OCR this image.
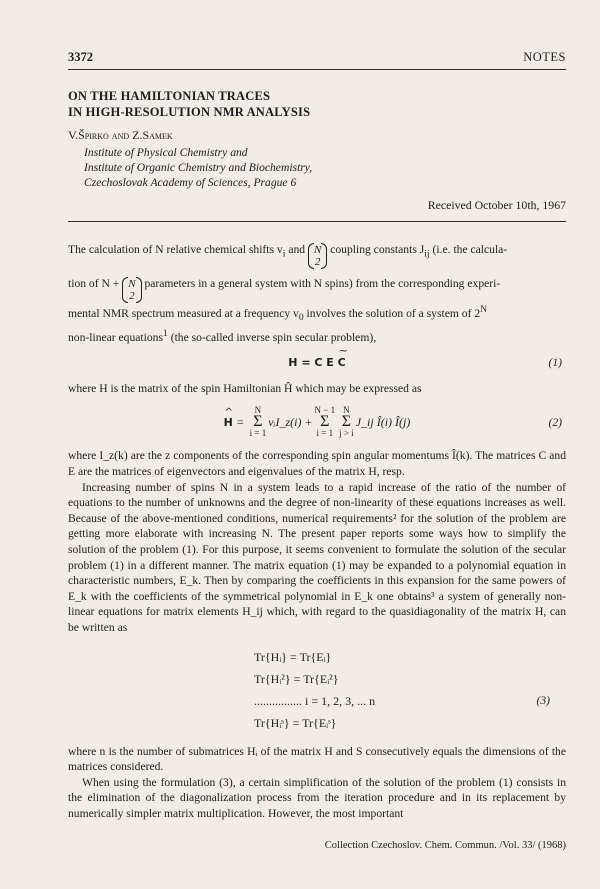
3372	NOTES
ON THE HAMILTONIAN TRACES
IN HIGH-RESOLUTION NMR ANALYSIS
V.Špirko and Z.Samek
Institute of Physical Chemistry and
Institute of Organic Chemistry and Biochemistry,
Czechoslovak Academy of Sciences, Prague 6
Received October 10th, 1967

The calculation of N relative chemical shifts $v_i$ and N
2
coupling constants $J_{ij}$ (i.e. the calcula-
tion of N + N
2
parameters in a general system with N spins) from the corresponding experi-
mental NMR spectrum measured at a frequency $v_0$ involves the solution of a system of $2^N$
non-linear equations$^1$ (the so-called inverse spin secular problem),

H = C E ~ C	(1)

where H is the matrix of the spin Hamiltonian Ĥ which may be expressed as

^ H =
N
Σ
i = 1
vᵢI_z(i) +
N − 1
Σ
i = 1
N
Σ
j > i
J_ij Î(i) Î(j)	(2)

where I_z(k) are the z components of the corresponding spin angular momentums Î(k). The matrices C and E are the matrices of eigenvectors and eigenvalues of the matrix H, resp.

Increasing number of spins N in a system leads to a rapid increase of the ratio of the number of equations to the number of unknowns and the degree of non-linearity of these equations increases as well. Because of the above-mentioned conditions, numerical requirements² for the solution of the problem are getting more elaborate with increasing N. The present paper reports some ways how to simplify the solution of the problem (1). For this purpose, it seems convenient to formulate the solution of the secular problem (1) in a different manner. The matrix equation (1) may be expanded to a polynomial equation in characteristic numbers, E_k. Then by comparing the coefficients in this expansion for the same powers of E_k with the coefficients of the symmetrical polynomial in E_k one obtains³ a system of generally non-linear equations for matrix elements H_ij which, with regard to the quasidiagonality of the matrix H, can be written as

Tr{Hᵢ} = Tr{Eᵢ}
Tr{Hᵢ²} = Tr{Eᵢ²}
................ i = 1, 2, 3, ... n
Tr{Hᵢˢ} = Tr{Eᵢˢ}
(3)

where n is the number of submatrices Hᵢ of the matrix H and S consecutively equals the dimensions of the matrices considered.

When using the formulation (3), a certain simplification of the solution of the problem (1) consists in the elimination of the diagonalization process from the iteration procedure and in its replacement by numerically simpler matrix multiplication. However, the most important

Collection Czechoslov. Chem. Commun. /Vol. 33/ (1968)
